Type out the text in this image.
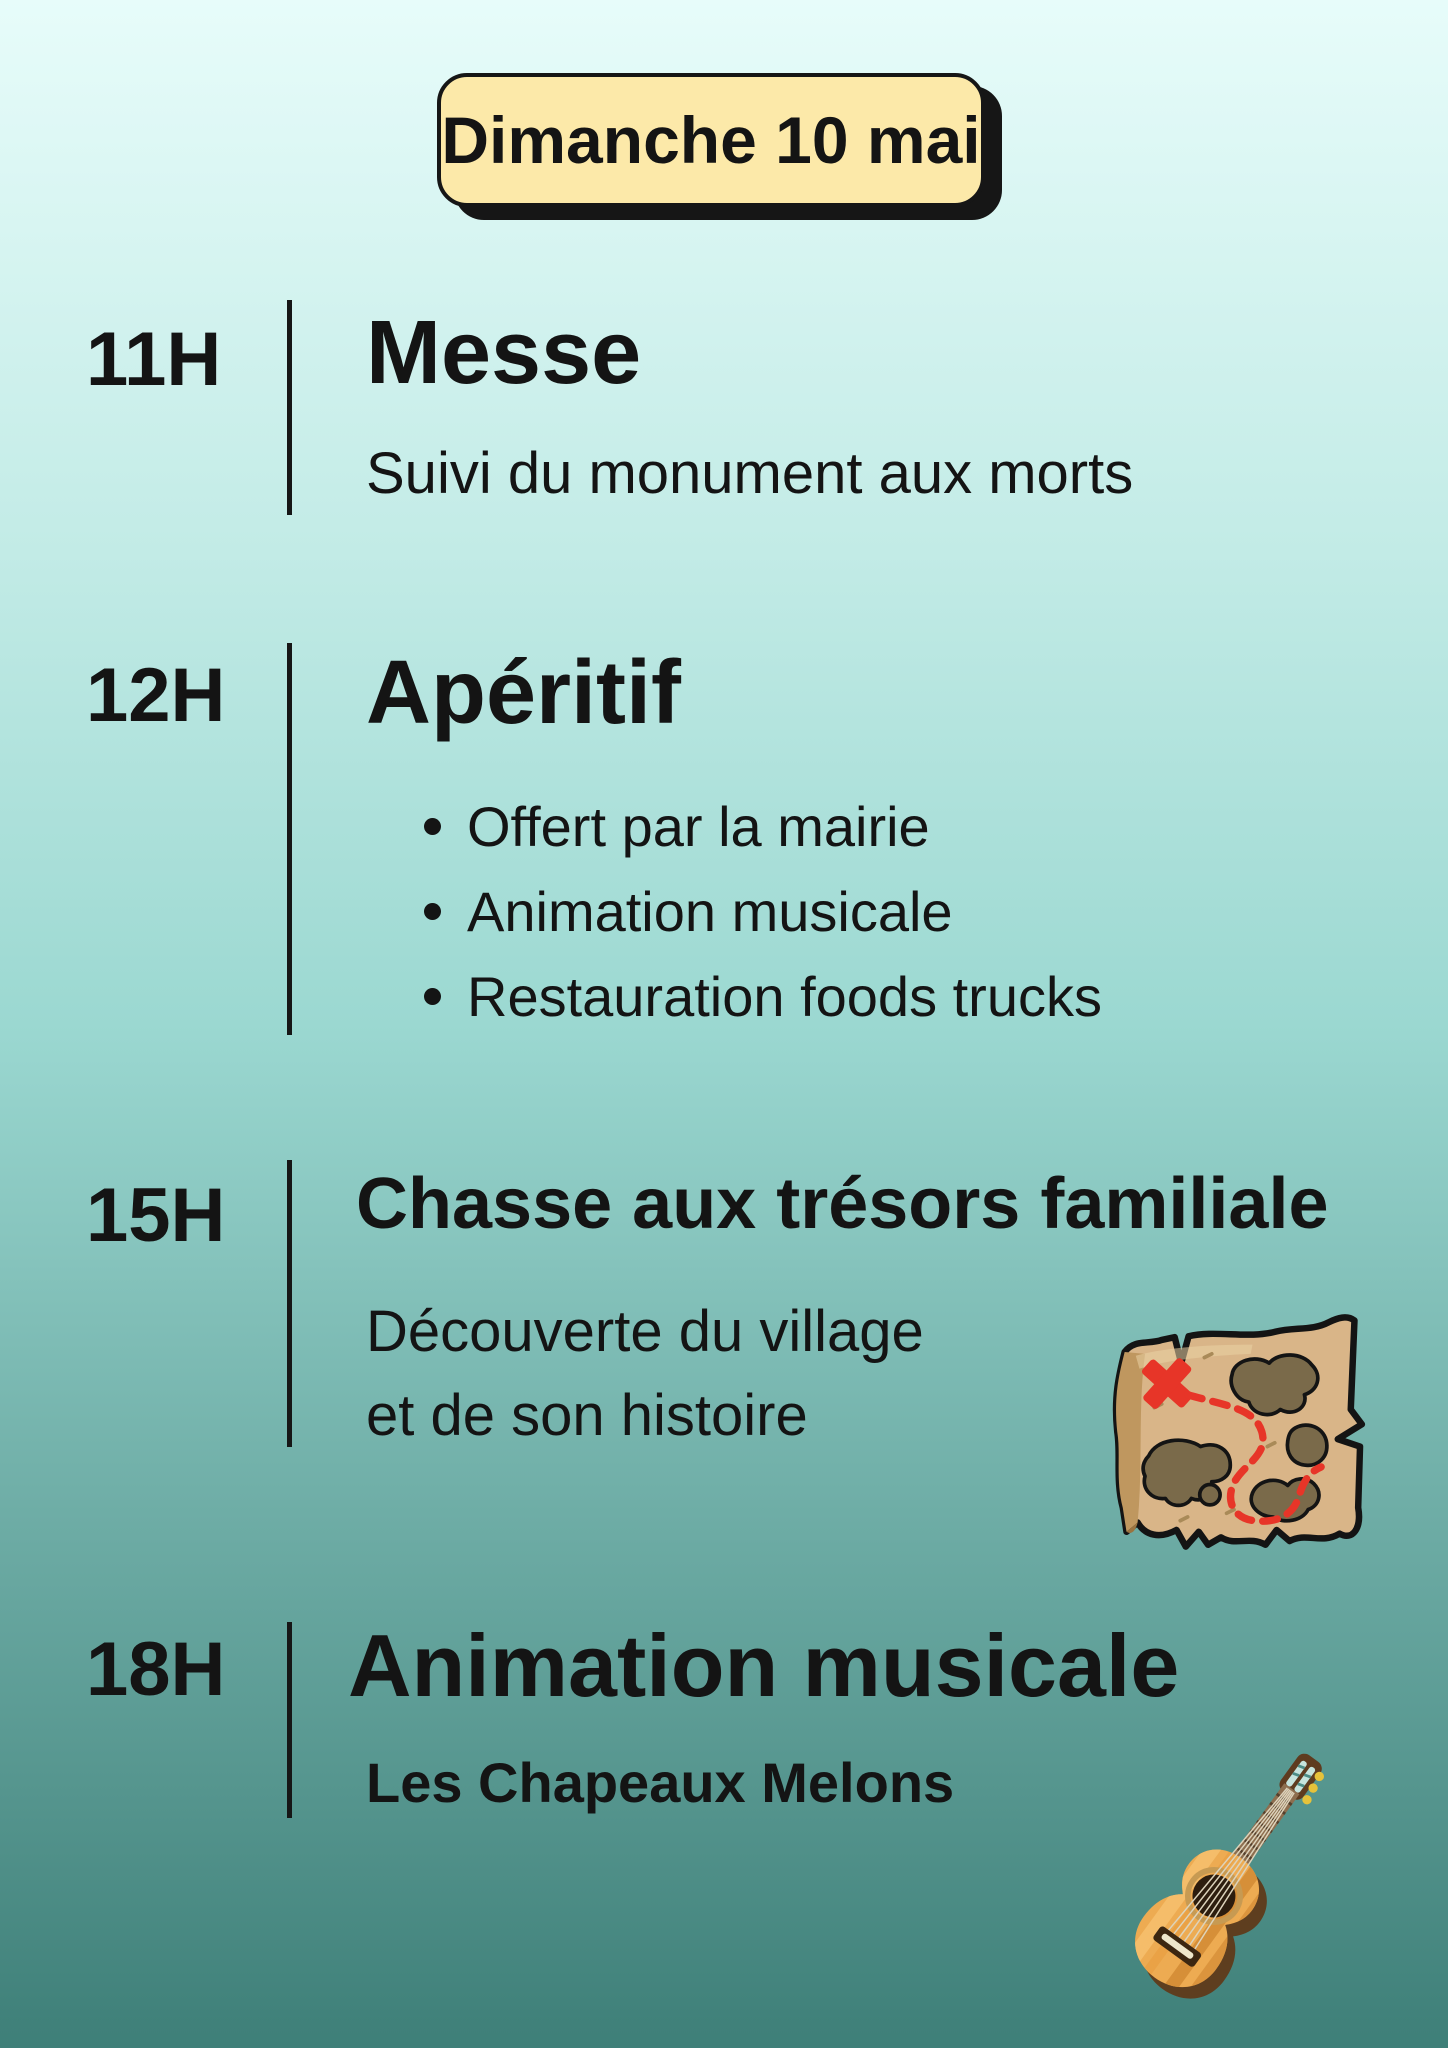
Dimanche 10 mai
11H Messe
Suivi du monument aux morts
12H Apéritif
Offert par la mairie
Animation musicale
Restauration foods trucks
15H Chasse aux trésors familiale
Découverte du village
et de son histoire
18H Animation musicale
Les Chapeaux Melons
